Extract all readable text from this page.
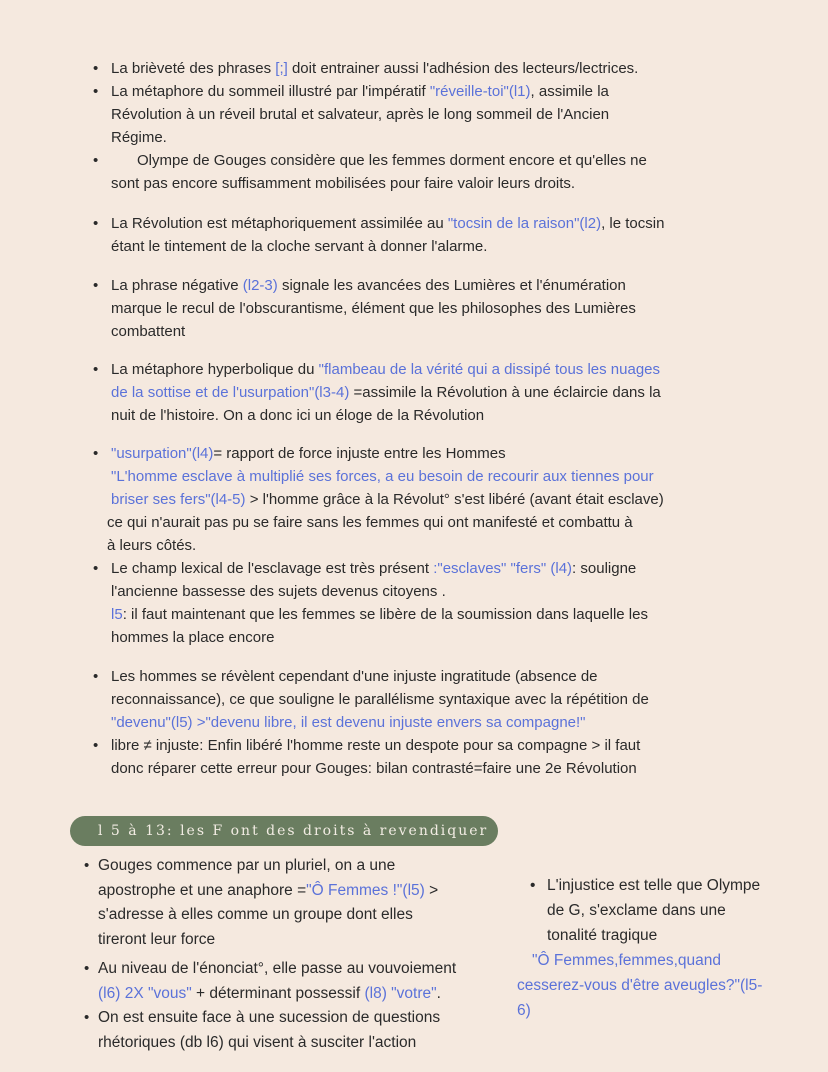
• La brièveté des phrases [;] doit entrainer aussi l'adhésion des lecteurs/lectrices.
• La métaphore du sommeil illustré par l'impératif "réveille-toi"(l1), assimile la
Révolution à un réveil brutal et salvateur, après le long sommeil de l'Ancien
Régime.
•	Olympe de Gouges considère que les femmes dorment encore et qu'elles ne
sont pas encore suffisamment mobilisées pour faire valoir leurs droits.
• La Révolution est métaphoriquement assimilée au "tocsin de la raison"(l2), le tocsin
étant le tintement de la cloche servant à donner l'alarme.
• La phrase négative (l2-3) signale les avancées des Lumières et l'énumération
marque le recul de l'obscurantisme, élément que les philosophes des Lumières
combattent
• La métaphore hyperbolique du "flambeau de la vérité qui a dissipé tous les nuages
de la sottise et de l'usurpation"(l3-4) =assimile la Révolution à une éclaircie dans la
nuit de l'histoire. On a donc ici un éloge de la Révolution
• "usurpation"(l4)= rapport de force injuste entre les Hommes
"L'homme esclave à multiplié ses forces, a eu besoin de recourir aux tiennes pour
briser ses fers"(l4-5) > l'homme grâce à la Révolut° s'est libéré (avant était esclave)
ce qui n'aurait pas pu se faire sans les femmes qui ont manifesté et combattu à
à leurs côtés.
• Le champ lexical de l'esclavage est très présent :"esclaves" "fers" (l4): souligne
l'ancienne bassesse des sujets devenus citoyens .
l5: il faut maintenant que les femmes se libère de la soumission dans laquelle les
hommes la place encore
• Les hommes se révèlent cependant d'une injuste ingratitude (absence de
reconnaissance), ce que souligne le parallélisme syntaxique avec la répétition de
"devenu"(l5) >"devenu libre, il est devenu injuste envers sa compagne!"
• libre ≠ injuste: Enfin libéré l'homme reste un despote pour sa compagne > il faut
donc réparer cette erreur pour Gouges: bilan contrasté=faire une 2e Révolution
l 5 à 13: les F ont des droits à revendiquer
• Gouges commence par un pluriel, on a une
apostrophe et une anaphore ="Ô Femmes !"(l5) >
s'adresse à elles comme un groupe dont elles
tireront leur force
• Au niveau de l'énonciat°, elle passe au vouvoiement
(l6) 2X "vous" + déterminant possessif (l8) "votre".
• On est ensuite face à une sucession de questions
rhétoriques (db l6) qui visent à susciter l'action
• L'injustice est telle que Olympe
de G, s'exclame dans une
tonalité tragique
"Ô Femmes,femmes,quand
cesserez-vous d'être aveugles?"(l5-
6)
